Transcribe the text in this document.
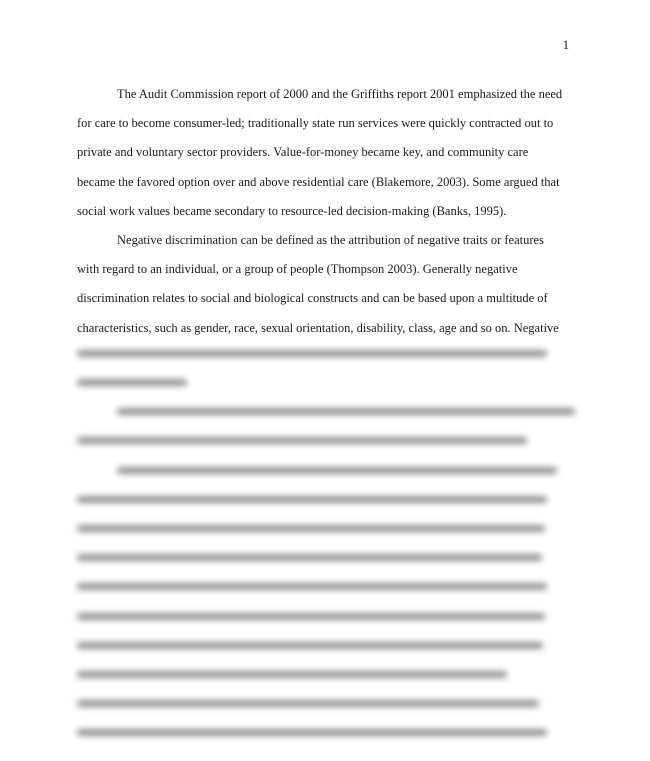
1

The Audit Commission report of 2000 and the Griffiths report 2001 emphasized the need
for care to become consumer-led; traditionally state run services were quickly contracted out to
private and voluntary sector providers. Value-for-money became key, and community care
became the favored option over and above residential care (Blakemore, 2003). Some argued that
social work values became secondary to resource-led decision-making (Banks, 1995).

Negative discrimination can be defined as the attribution of negative traits or features
with regard to an individual, or a group of people (Thompson 2003). Generally negative
discrimination relates to social and biological constructs and can be based upon a multitude of
characteristics, such as gender, race, sexual orientation, disability, class, age and so on. Negative
